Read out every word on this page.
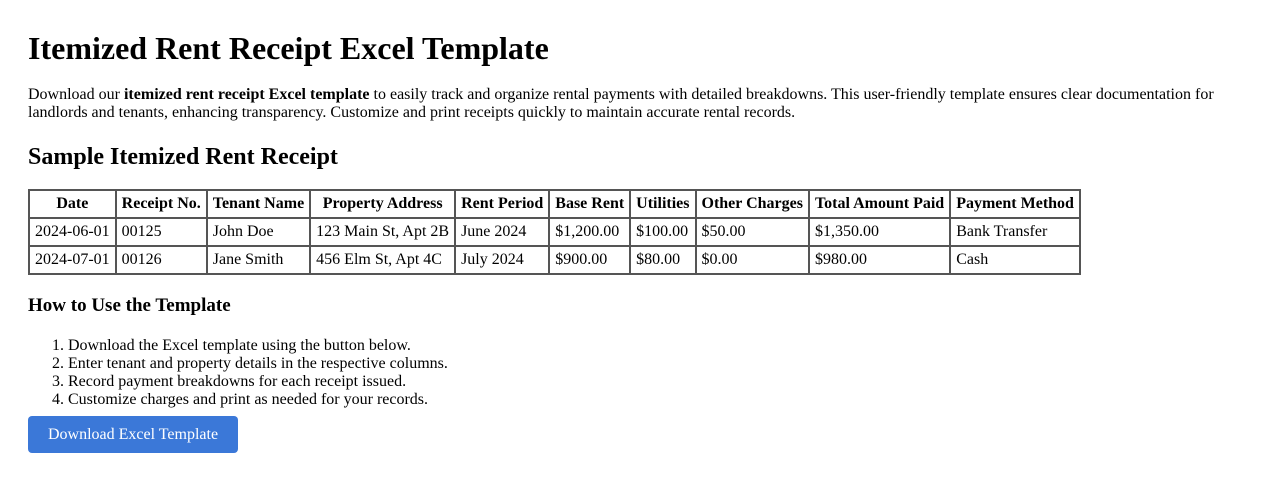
Itemized Rent Receipt Excel Template

Download our itemized rent receipt Excel template to easily track and organize rental payments with detailed breakdowns. This user-friendly template ensures clear documentation for landlords and tenants, enhancing transparency. Customize and print receipts quickly to maintain accurate rental records.

Sample Itemized Rent Receipt
Date	Receipt No.	Tenant Name	Property Address	Rent Period	Base Rent	Utilities	Other Charges	Total Amount Paid	Payment Method
2024-06-01	00125	John Doe	123 Main St, Apt 2B	June 2024	$1,200.00	$100.00	$50.00	$1,350.00	Bank Transfer
2024-07-01	00126	Jane Smith	456 Elm St, Apt 4C	July 2024	$900.00	$80.00	$0.00	$980.00	Cash
How to Use the Template
1. Download the Excel template using the button below.
2. Enter tenant and property details in the respective columns.
3. Record payment breakdowns for each receipt issued.
4. Customize charges and print as needed for your records.
Download Excel Template
